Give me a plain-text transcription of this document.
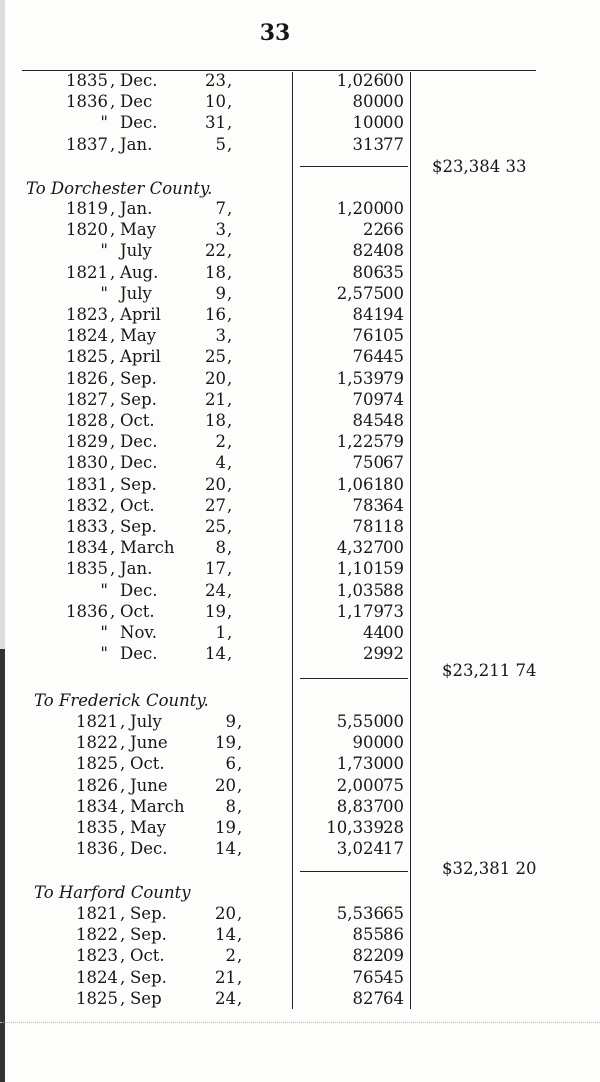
33
1835 , Dec.	23 ,	1,026 00
1836 , Dec	10 ,	800 00
" Dec.	31 ,	100 00
1837 , Jan.	5 ,	313 77
$23,384 33
To Dorchester County.
1819 , Jan.	7 ,	1,200 00
1820 , May	3 ,	22 66
" July	22 ,	824 08
1821 , Aug.	18 ,	806 35
" July	9 ,	2,575 00
1823 , April	16 ,	841 94
1824 , May	3 ,	761 05
1825 , April	25 ,	764 45
1826 , Sep.	20 ,	1,539 79
1827 , Sep.	21 ,	709 74
1828 , Oct.	18 ,	845 48
1829 , Dec.	2 ,	1,225 79
1830 , Dec.	4 ,	750 67
1831 , Sep.	20 ,	1,061 80
1832 , Oct.	27 ,	783 64
1833 , Sep.	25 ,	781 18
1834 , March	8 ,	4,327 00
1835 , Jan.	17 ,	1,101 59
" Dec.	24 ,	1,035 88
1836 , Oct.	19 ,	1,179 73
" Nov.	1 ,	44 00
" Dec.	14 ,	29 92
$23,211 74
To Frederick County.
1821 , July	9 ,	5,550 00
1822 , June	19 ,	900 00
1825 , Oct.	6 ,	1,730 00
1826 , June	20 ,	2,000 75
1834 , March	8 ,	8,837 00
1835 , May	19 ,	10,339 28
1836 , Dec.	14 ,	3,024 17
$32,381 20
To Harford County
1821 , Sep.	20 ,	5,536 65
1822 , Sep.	14 ,	855 86
1823 , Oct.	2 ,	822 09
1824 , Sep.	21 ,	765 45
1825 , Sep	24 ,	827 64
